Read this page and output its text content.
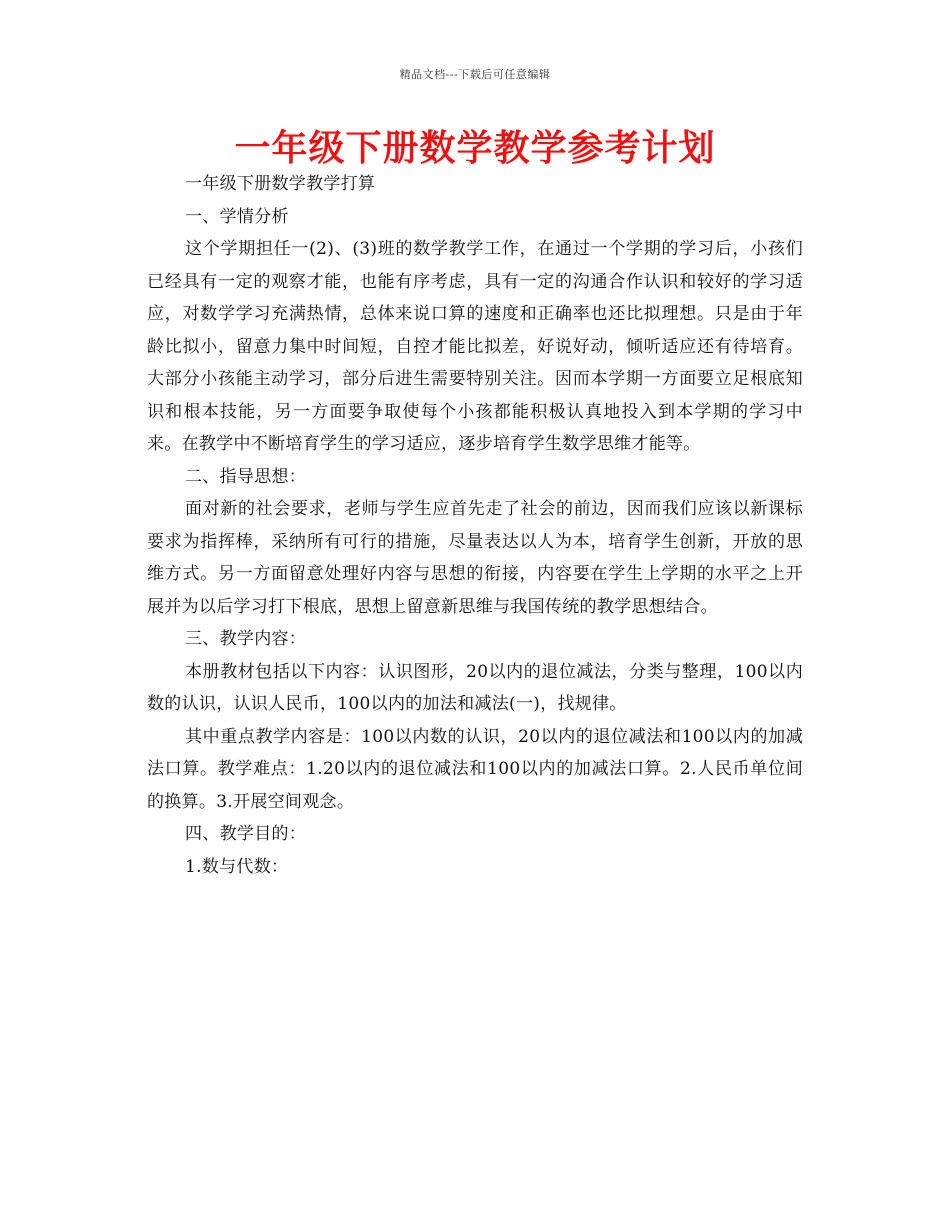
精品文档---下载后可任意编辑
一年级下册数学教学参考计划

一年级下册数学教学打算

一、学情分析

这个学期担任一(2)、(3)班的数学教学工作，在通过一个学期的学习后，小孩们已经具有一定的观察才能，也能有序考虑，具有一定的沟通合作认识和较好的学习适应，对数学学习充满热情，总体来说口算的速度和正确率也还比拟理想。只是由于年龄比拟小，留意力集中时间短，自控才能比拟差，好说好动，倾听适应还有待培育。大部分小孩能主动学习，部分后进生需要特别关注。因而本学期一方面要立足根底知识和根本技能，另一方面要争取使每个小孩都能积极认真地投入到本学期的学习中来。在教学中不断培育学生的学习适应，逐步培育学生数学思维才能等。

二、指导思想：

面对新的社会要求，老师与学生应首先走了社会的前边，因而我们应该以新课标要求为指挥棒，采纳所有可行的措施，尽量表达以人为本，培育学生创新，开放的思维方式。另一方面留意处理好内容与思想的衔接，内容要在学生上学期的水平之上开展并为以后学习打下根底，思想上留意新思维与我国传统的教学思想结合。

三、教学内容：

本册教材包括以下内容：认识图形，20以内的退位减法，分类与整理，100以内数的认识，认识人民币，100以内的加法和减法(一)，找规律。

其中重点教学内容是：100以内数的认识，20以内的退位减法和100以内的加减法口算。教学难点：1.20以内的退位减法和100以内的加减法口算。2.人民币单位间的换算。3.开展空间观念。

四、教学目的：

1.数与代数：
